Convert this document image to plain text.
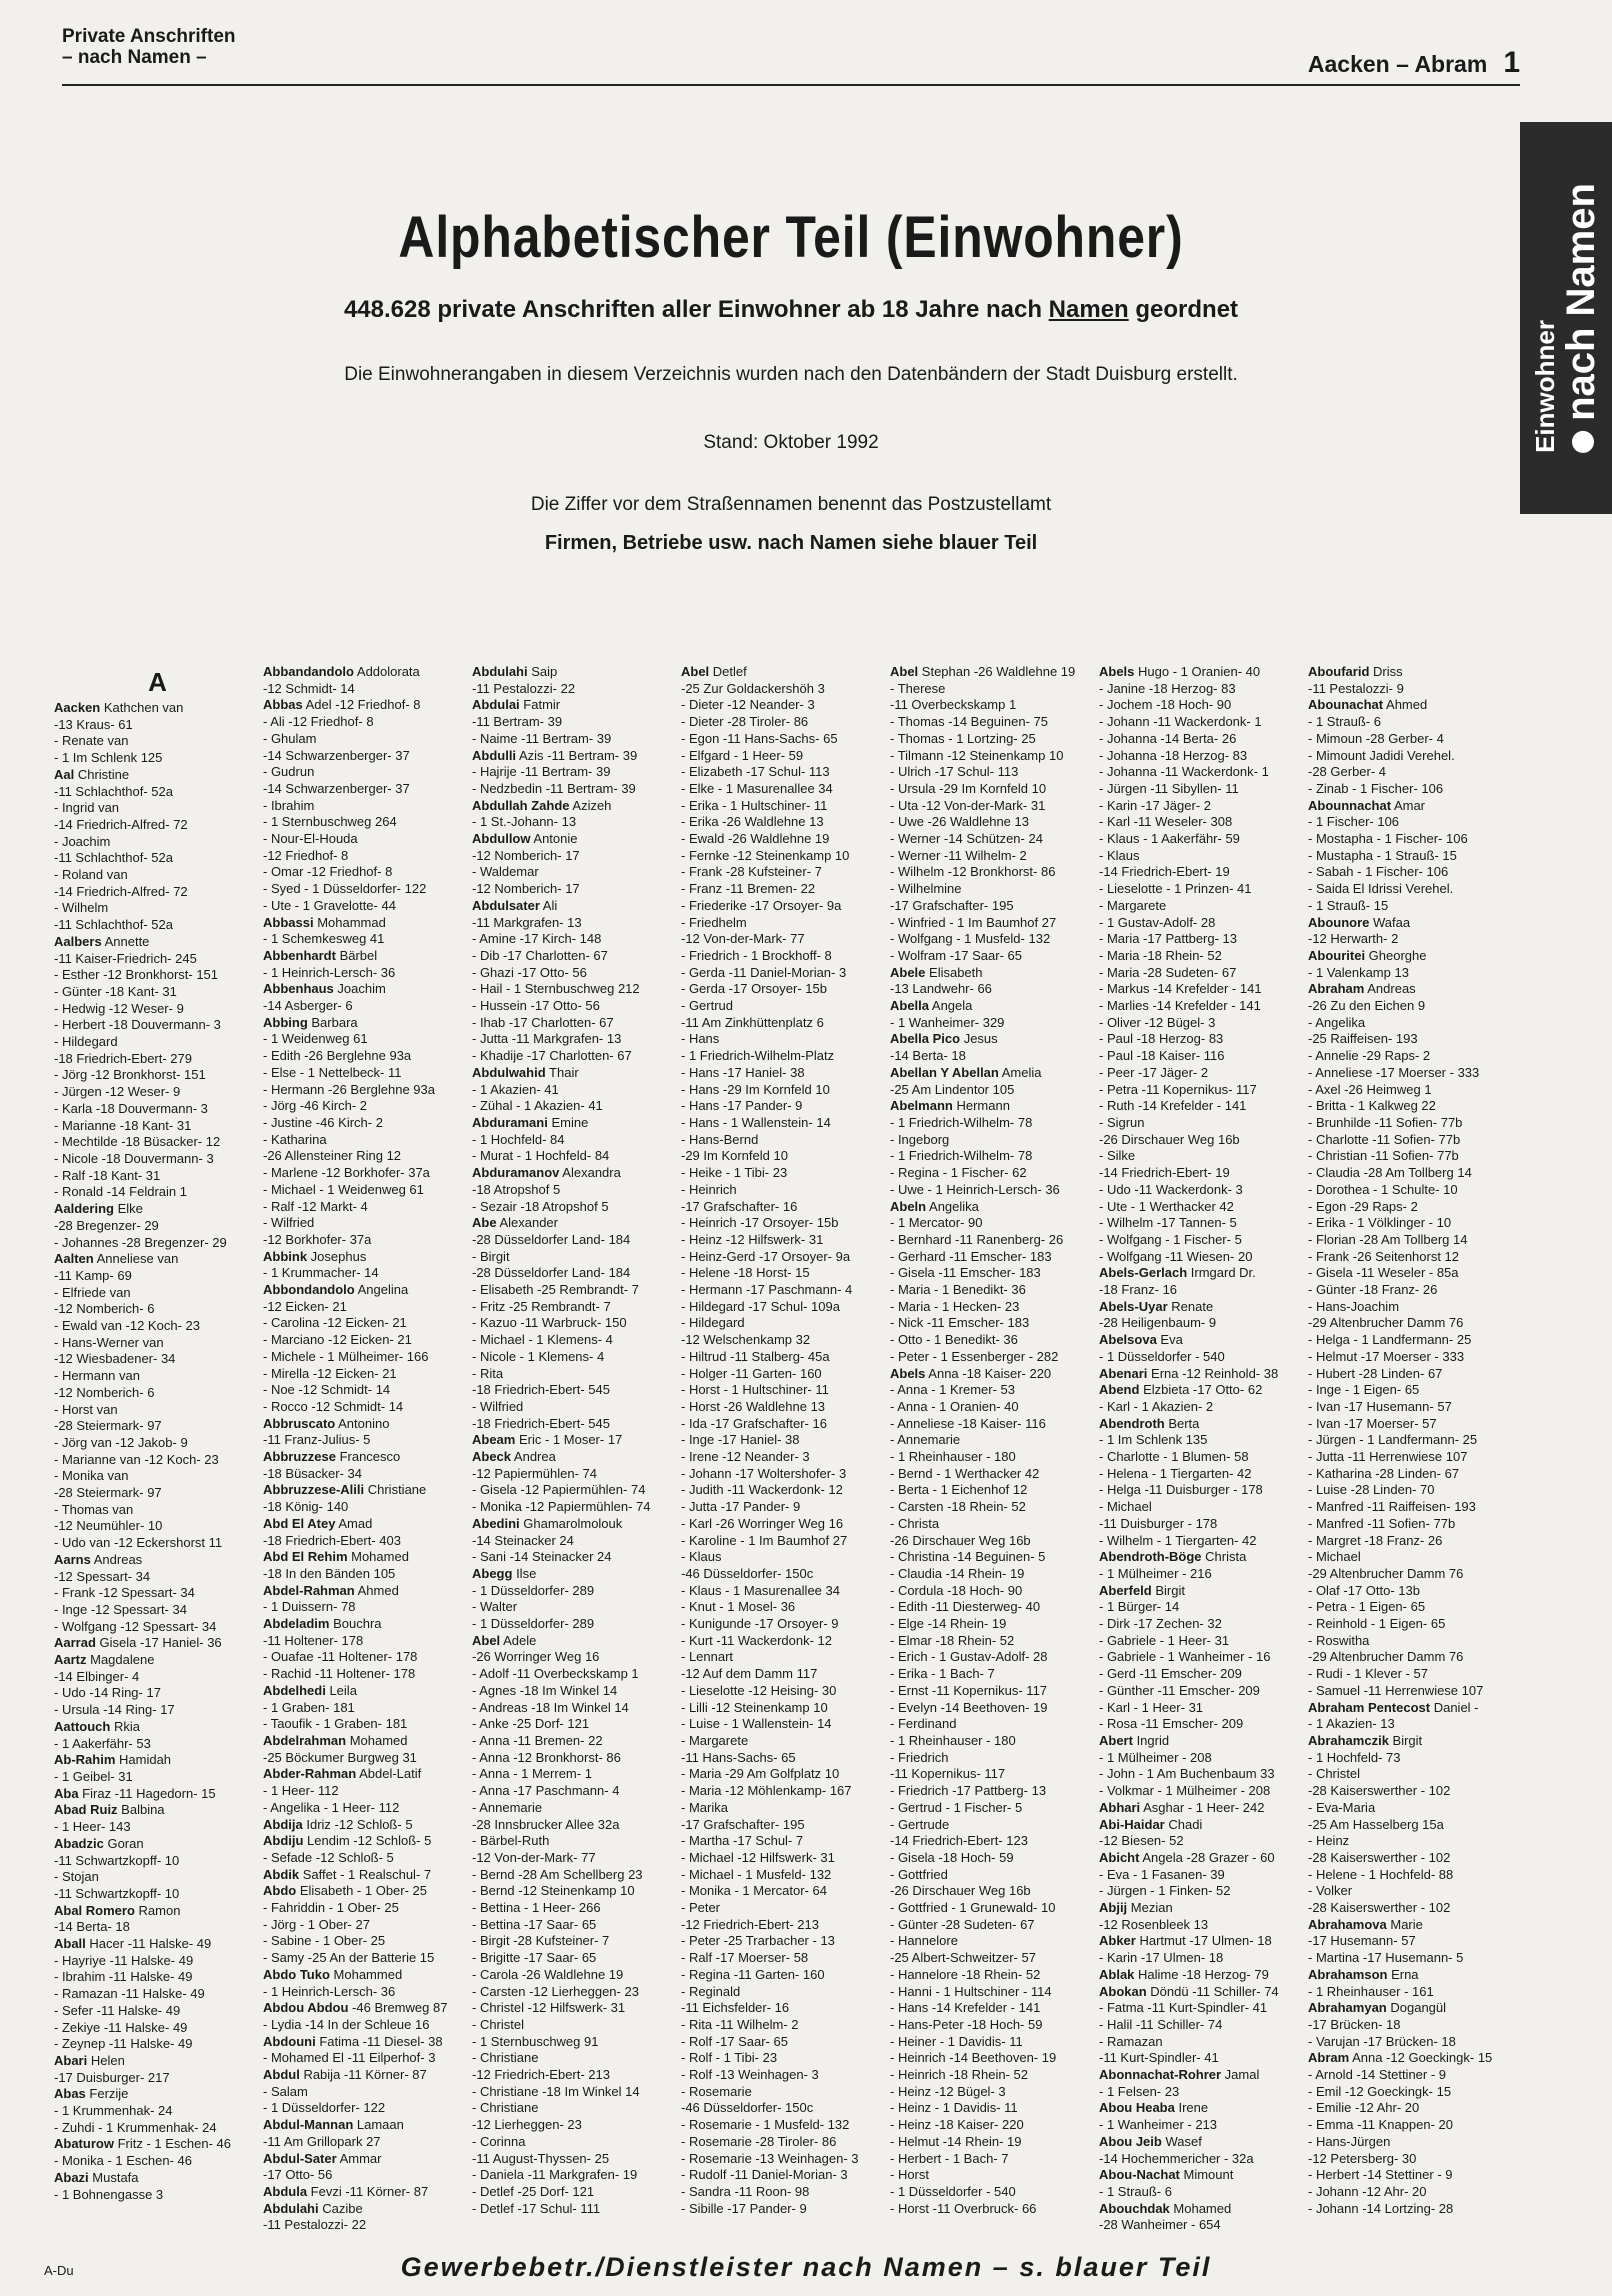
Private Anschriften
– nach Namen –	Aacken – Abram 1
Einwohner nach Namen
Alphabetischer Teil (Einwohner)
448.628 private Anschriften aller Einwohner ab 18 Jahre nach Namen geordnet
Die Einwohnerangaben in diesem Verzeichnis wurden nach den Datenbändern der Stadt Duisburg erstellt.
Stand: Oktober 1992
Die Ziffer vor dem Straßennamen benennt das Postzustellamt
Firmen, Betriebe usw. nach Namen siehe blauer Teil
A
Aacken Kathchen van
-13 Kraus- 61
- Renate van
- 1 Im Schlenk 125
Aal Christine
-11 Schlachthof- 52a
- Ingrid van
-14 Friedrich-Alfred- 72
- Joachim
-11 Schlachthof- 52a
- Roland van
-14 Friedrich-Alfred- 72
- Wilhelm
-11 Schlachthof- 52a
Aalbers Annette
-11 Kaiser-Friedrich- 245
- Esther -12 Bronkhorst- 151
- Günter -18 Kant- 31
- Hedwig -12 Weser- 9
- Herbert -18 Douvermann- 3
- Hildegard
-18 Friedrich-Ebert- 279
- Jörg -12 Bronkhorst- 151
- Jürgen -12 Weser- 9
- Karla -18 Douvermann- 3
- Marianne -18 Kant- 31
- Mechtilde -18 Büsacker- 12
- Nicole -18 Douvermann- 3
- Ralf -18 Kant- 31
- Ronald -14 Feldrain 1
Aaldering Elke
-28 Bregenzer- 29
- Johannes -28 Bregenzer- 29
Aalten Anneliese van
-11 Kamp- 69
- Elfriede van
-12 Nomberich- 6
- Ewald van -12 Koch- 23
- Hans-Werner van
-12 Wiesbadener- 34
- Hermann van
-12 Nomberich- 6
- Horst van
-28 Steiermark- 97
- Jörg van -12 Jakob- 9
- Marianne van -12 Koch- 23
- Monika van
-28 Steiermark- 97
- Thomas van
-12 Neumühler- 10
- Udo van -12 Eckershorst 11
Aarns Andreas
-12 Spessart- 34
- Frank -12 Spessart- 34
- Inge -12 Spessart- 34
- Wolfgang -12 Spessart- 34
Aarrad Gisela -17 Haniel- 36
Aartz Magdalene
-14 Elbinger- 4
- Udo -14 Ring- 17
- Ursula -14 Ring- 17
Aattouch Rkia
- 1 Aakerfähr- 53
Ab-Rahim Hamidah
- 1 Geibel- 31
Aba Firaz -11 Hagedorn- 15
Abad Ruiz Balbina
- 1 Heer- 143
Abadzic Goran
-11 Schwartzkopff- 10
- Stojan
-11 Schwartzkopff- 10
Abal Romero Ramon
-14 Berta- 18
Aball Hacer -11 Halske- 49
- Hayriye -11 Halske- 49
- Ibrahim -11 Halske- 49
- Ramazan -11 Halske- 49
- Sefer -11 Halske- 49
- Zekiye -11 Halske- 49
- Zeynep -11 Halske- 49
Abari Helen
-17 Duisburger- 217
Abas Ferzije
- 1 Krummenhak- 24
- Zuhdi - 1 Krummenhak- 24
Abaturow Fritz - 1 Eschen- 46
- Monika - 1 Eschen- 46
Abazi Mustafa
- 1 Bohnengasse 3
Abbandandolo Addolorata
-12 Schmidt- 14
Abbas Adel -12 Friedhof- 8
- Ali -12 Friedhof- 8
- Ghulam
-14 Schwarzenberger- 37
- Gudrun
-14 Schwarzenberger- 37
- Ibrahim
- 1 Sternbuschweg 264
- Nour-El-Houda
-12 Friedhof- 8
- Omar -12 Friedhof- 8
- Syed - 1 Düsseldorfer- 122
- Ute - 1 Gravelotte- 44
Abbassi Mohammad
- 1 Schemkesweg 41
Abbenhardt Bärbel
- 1 Heinrich-Lersch- 36
Abbenhaus Joachim
-14 Asberger- 6
Abbing Barbara
- 1 Weidenweg 61
- Edith -26 Berglehne 93a
- Else - 1 Nettelbeck- 11
- Hermann -26 Berglehne 93a
- Jörg -46 Kirch- 2
- Justine -46 Kirch- 2
- Katharina
-26 Allensteiner Ring 12
- Marlene -12 Borkhofer- 37a
- Michael - 1 Weidenweg 61
- Ralf -12 Markt- 4
- Wilfried
-12 Borkhofer- 37a
Abbink Josephus
- 1 Krummacher- 14
Abbondandolo Angelina
-12 Eicken- 21
- Carolina -12 Eicken- 21
- Marciano -12 Eicken- 21
- Michele - 1 Mülheimer- 166
- Mirella -12 Eicken- 21
- Noe -12 Schmidt- 14
- Rocco -12 Schmidt- 14
Abbruscato Antonino
-11 Franz-Julius- 5
Abbruzzese Francesco
-18 Büsacker- 34
Abbruzzese-Alili Christiane
-18 König- 140
Abd El Atey Amad
-18 Friedrich-Ebert- 403
Abd El Rehim Mohamed
-18 In den Bänden 105
Abdel-Rahman Ahmed
- 1 Duissern- 78
Abdeladim Bouchra
-11 Holtener- 178
- Ouafae -11 Holtener- 178
- Rachid -11 Holtener- 178
Abdelhedi Leila
- 1 Graben- 181
- Taoufik - 1 Graben- 181
Abdelrahman Mohamed
-25 Böckumer Burgweg 31
Abder-Rahman Abdel-Latif
- 1 Heer- 112
- Angelika - 1 Heer- 112
Abdija Idriz -12 Schloß- 5
Abdiju Lendim -12 Schloß- 5
- Sefade -12 Schloß- 5
Abdik Saffet - 1 Realschul- 7
Abdo Elisabeth - 1 Ober- 25
- Fahriddin - 1 Ober- 25
- Jörg - 1 Ober- 27
- Sabine - 1 Ober- 25
- Samy -25 An der Batterie 15
Abdo Tuko Mohammed
- 1 Heinrich-Lersch- 36
Abdou Abdou -46 Bremweg 87
- Lydia -14 In der Schleue 16
Abdouni Fatima -11 Diesel- 38
- Mohamed El -11 Eilperhof- 3
Abdul Rabija -11 Körner- 87
- Salam
- 1 Düsseldorfer- 122
Abdul-Mannan Lamaan
-11 Am Grillopark 27
Abdul-Sater Ammar
-17 Otto- 56
Abdula Fevzi -11 Körner- 87
Abdulahi Cazibe
-11 Pestalozzi- 22
Abdulahi Saip
-11 Pestalozzi- 22
Abdulai Fatmir
-11 Bertram- 39
- Naime -11 Bertram- 39
Abdulli Azis -11 Bertram- 39
- Hajrije -11 Bertram- 39
- Nedzbedin -11 Bertram- 39
Abdullah Zahde Azizeh
- 1 St.-Johann- 13
Abdullow Antonie
-12 Nomberich- 17
- Waldemar
-12 Nomberich- 17
Abdulsater Ali
-11 Markgrafen- 13
- Amine -17 Kirch- 148
- Dib -17 Charlotten- 67
- Ghazi -17 Otto- 56
- Hail - 1 Sternbuschweg 212
- Hussein -17 Otto- 56
- Ihab -17 Charlotten- 67
- Jutta -11 Markgrafen- 13
- Khadije -17 Charlotten- 67
Abdulwahid Thair
- 1 Akazien- 41
- Zühal - 1 Akazien- 41
Abduramani Emine
- 1 Hochfeld- 84
- Murat - 1 Hochfeld- 84
Abduramanov Alexandra
-18 Atropshof 5
- Sezair -18 Atropshof 5
Abe Alexander
-28 Düsseldorfer Land- 184
- Birgit
-28 Düsseldorfer Land- 184
- Elisabeth -25 Rembrandt- 7
- Fritz -25 Rembrandt- 7
- Kazuo -11 Warbruck- 150
- Michael - 1 Klemens- 4
- Nicole - 1 Klemens- 4
- Rita
-18 Friedrich-Ebert- 545
- Wilfried
-18 Friedrich-Ebert- 545
Abeam Eric - 1 Moser- 17
Abeck Andrea
-12 Papiermühlen- 74
- Gisela -12 Papiermühlen- 74
- Monika -12 Papiermühlen- 74
Abedini Ghamarolmolouk
-14 Steinacker 24
- Sani -14 Steinacker 24
Abegg Ilse
- 1 Düsseldorfer- 289
- Walter
- 1 Düsseldorfer- 289
Abel Adele
-26 Worringer Weg 16
- Adolf -11 Overbeckskamp 1
- Agnes -18 Im Winkel 14
- Andreas -18 Im Winkel 14
- Anke -25 Dorf- 121
- Anna -11 Bremen- 22
- Anna -12 Bronkhorst- 86
- Anna - 1 Merrem- 1
- Anna -17 Paschmann- 4
- Annemarie
-28 Innsbrucker Allee 32a
- Bärbel-Ruth
-12 Von-der-Mark- 77
- Bernd -28 Am Schellberg 23
- Bernd -12 Steinenkamp 10
- Bettina - 1 Heer- 266
- Bettina -17 Saar- 65
- Birgit -28 Kufsteiner- 7
- Brigitte -17 Saar- 65
- Carola -26 Waldlehne 19
- Carsten -12 Lierheggen- 23
- Christel -12 Hilfswerk- 31
- Christel
- 1 Sternbuschweg 91
- Christiane
-12 Friedrich-Ebert- 213
- Christiane -18 Im Winkel 14
- Christiane
-12 Lierheggen- 23
- Corinna
-11 August-Thyssen- 25
- Daniela -11 Markgrafen- 19
- Detlef -25 Dorf- 121
- Detlef -17 Schul- 111
Abel Detlef
-25 Zur Goldackershöh 3
- Dieter -12 Neander- 3
- Dieter -28 Tiroler- 86
- Egon -11 Hans-Sachs- 65
- Elfgard - 1 Heer- 59
- Elizabeth -17 Schul- 113
- Elke - 1 Masurenallee 34
- Erika - 1 Hultschiner- 11
- Erika -26 Waldlehne 13
- Ewald -26 Waldlehne 19
- Fernke -12 Steinenkamp 10
- Frank -28 Kufsteiner- 7
- Franz -11 Bremen- 22
- Friederike -17 Orsoyer- 9a
- Friedhelm
-12 Von-der-Mark- 77
- Friedrich - 1 Brockhoff- 8
- Gerda -11 Daniel-Morian- 3
- Gerda -17 Orsoyer- 15b
- Gertrud
-11 Am Zinkhüttenplatz 6
- Hans
- 1 Friedrich-Wilhelm-Platz
- Hans -17 Haniel- 38
- Hans -29 Im Kornfeld 10
- Hans -17 Pander- 9
- Hans - 1 Wallenstein- 14
- Hans-Bernd
-29 Im Kornfeld 10
- Heike - 1 Tibi- 23
- Heinrich
-17 Grafschafter- 16
- Heinrich -17 Orsoyer- 15b
- Heinz -12 Hilfswerk- 31
- Heinz-Gerd -17 Orsoyer- 9a
- Helene -18 Horst- 15
- Hermann -17 Paschmann- 4
- Hildegard -17 Schul- 109a
- Hildegard
-12 Welschenkamp 32
- Hiltrud -11 Stalberg- 45a
- Holger -11 Garten- 160
- Horst - 1 Hultschiner- 11
- Horst -26 Waldlehne 13
- Ida -17 Grafschafter- 16
- Inge -17 Haniel- 38
- Irene -12 Neander- 3
- Johann -17 Woltershofer- 3
- Judith -11 Wackerdonk- 12
- Jutta -17 Pander- 9
- Karl -26 Worringer Weg 16
- Karoline - 1 Im Baumhof 27
- Klaus
-46 Düsseldorfer- 150c
- Klaus - 1 Masurenallee 34
- Knut - 1 Mosel- 36
- Kunigunde -17 Orsoyer- 9
- Kurt -11 Wackerdonk- 12
- Lennart
-12 Auf dem Damm 117
- Lieselotte -12 Heising- 30
- Lilli -12 Steinenkamp 10
- Luise - 1 Wallenstein- 14
- Margarete
-11 Hans-Sachs- 65
- Maria -29 Am Golfplatz 10
- Maria -12 Möhlenkamp- 167
- Marika
-17 Grafschafter- 195
- Martha -17 Schul- 7
- Michael -12 Hilfswerk- 31
- Michael - 1 Musfeld- 132
- Monika - 1 Mercator- 64
- Peter
-12 Friedrich-Ebert- 213
- Peter -25 Trarbacher - 13
- Ralf -17 Moerser- 58
- Regina -11 Garten- 160
- Reginald
-11 Eichsfelder- 16
- Rita -11 Wilhelm- 2
- Rolf -17 Saar- 65
- Rolf - 1 Tibi- 23
- Rolf -13 Weinhagen- 3
- Rosemarie
-46 Düsseldorfer- 150c
- Rosemarie - 1 Musfeld- 132
- Rosemarie -28 Tiroler- 86
- Rosemarie -13 Weinhagen- 3
- Rudolf -11 Daniel-Morian- 3
- Sandra -11 Roon- 98
- Sibille -17 Pander- 9
Abel Stephan -26 Waldlehne 19
- Therese
-11 Overbeckskamp 1
- Thomas -14 Beguinen- 75
- Thomas - 1 Lortzing- 25
- Tilmann -12 Steinenkamp 10
- Ulrich -17 Schul- 113
- Ursula -29 Im Kornfeld 10
- Uta -12 Von-der-Mark- 31
- Uwe -26 Waldlehne 13
- Werner -14 Schützen- 24
- Werner -11 Wilhelm- 2
- Wilhelm -12 Bronkhorst- 86
- Wilhelmine
-17 Grafschafter- 195
- Winfried - 1 Im Baumhof 27
- Wolfgang - 1 Musfeld- 132
- Wolfram -17 Saar- 65
Abele Elisabeth
-13 Landwehr- 66
Abella Angela
- 1 Wanheimer- 329
Abella Pico Jesus
-14 Berta- 18
Abellan Y Abellan Amelia
-25 Am Lindentor 105
Abelmann Hermann
- 1 Friedrich-Wilhelm- 78
- Ingeborg
- 1 Friedrich-Wilhelm- 78
- Regina - 1 Fischer- 62
- Uwe - 1 Heinrich-Lersch- 36
Abeln Angelika
- 1 Mercator- 90
- Bernhard -11 Ranenberg- 26
- Gerhard -11 Emscher- 183
- Gisela -11 Emscher- 183
- Maria - 1 Benedikt- 36
- Maria - 1 Hecken- 23
- Nick -11 Emscher- 183
- Otto - 1 Benedikt- 36
- Peter - 1 Essenberger - 282
Abels Anna -18 Kaiser- 220
- Anna - 1 Kremer- 53
- Anna - 1 Oranien- 40
- Anneliese -18 Kaiser- 116
- Annemarie
- 1 Rheinhauser - 180
- Bernd - 1 Werthacker 42
- Berta - 1 Eichenhof 12
- Carsten -18 Rhein- 52
- Christa
-26 Dirschauer Weg 16b
- Christina -14 Beguinen- 5
- Claudia -14 Rhein- 19
- Cordula -18 Hoch- 90
- Edith -11 Diesterweg- 40
- Elge -14 Rhein- 19
- Elmar -18 Rhein- 52
- Erich - 1 Gustav-Adolf- 28
- Erika - 1 Bach- 7
- Ernst -11 Kopernikus- 117
- Evelyn -14 Beethoven- 19
- Ferdinand
- 1 Rheinhauser - 180
- Friedrich
-11 Kopernikus- 117
- Friedrich -17 Pattberg- 13
- Gertrud - 1 Fischer- 5
- Gertrude
-14 Friedrich-Ebert- 123
- Gisela -18 Hoch- 59
- Gottfried
-26 Dirschauer Weg 16b
- Gottfried - 1 Grunewald- 10
- Günter -28 Sudeten- 67
- Hannelore
-25 Albert-Schweitzer- 57
- Hannelore -18 Rhein- 52
- Hanni - 1 Hultschiner - 114
- Hans -14 Krefelder - 141
- Hans-Peter -18 Hoch- 59
- Heiner - 1 Davidis- 11
- Heinrich -14 Beethoven- 19
- Heinrich -18 Rhein- 52
- Heinz -12 Bügel- 3
- Heinz - 1 Davidis- 11
- Heinz -18 Kaiser- 220
- Helmut -14 Rhein- 19
- Herbert - 1 Bach- 7
- Horst
- 1 Düsseldorfer - 540
- Horst -11 Overbruck- 66
Abels Hugo - 1 Oranien- 40
- Janine -18 Herzog- 83
- Jochem -18 Hoch- 90
- Johann -11 Wackerdonk- 1
- Johanna -14 Berta- 26
- Johanna -18 Herzog- 83
- Johanna -11 Wackerdonk- 1
- Jürgen -11 Sibyllen- 11
- Karin -17 Jäger- 2
- Karl -11 Weseler- 308
- Klaus - 1 Aakerfähr- 59
- Klaus
-14 Friedrich-Ebert- 19
- Lieselotte - 1 Prinzen- 41
- Margarete
- 1 Gustav-Adolf- 28
- Maria -17 Pattberg- 13
- Maria -18 Rhein- 52
- Maria -28 Sudeten- 67
- Markus -14 Krefelder - 141
- Marlies -14 Krefelder - 141
- Oliver -12 Bügel- 3
- Paul -18 Herzog- 83
- Paul -18 Kaiser- 116
- Peer -17 Jäger- 2
- Petra -11 Kopernikus- 117
- Ruth -14 Krefelder - 141
- Sigrun
-26 Dirschauer Weg 16b
- Silke
-14 Friedrich-Ebert- 19
- Udo -11 Wackerdonk- 3
- Ute - 1 Werthacker 42
- Wilhelm -17 Tannen- 5
- Wolfgang - 1 Fischer- 5
- Wolfgang -11 Wiesen- 20
Abels-Gerlach Irmgard Dr.
-18 Franz- 16
Abels-Uyar Renate
-28 Heiligenbaum- 9
Abelsova Eva
- 1 Düsseldorfer - 540
Abenari Erna -12 Reinhold- 38
Abend Elzbieta -17 Otto- 62
- Karl - 1 Akazien- 2
Abendroth Berta
- 1 Im Schlenk 135
- Charlotte - 1 Blumen- 58
- Helena - 1 Tiergarten- 42
- Helga -11 Duisburger - 178
- Michael
-11 Duisburger - 178
- Wilhelm - 1 Tiergarten- 42
Abendroth-Böge Christa
- 1 Mülheimer - 216
Aberfeld Birgit
- 1 Bürger- 14
- Dirk -17 Zechen- 32
- Gabriele - 1 Heer- 31
- Gabriele - 1 Wanheimer - 16
- Gerd -11 Emscher- 209
- Günther -11 Emscher- 209
- Karl - 1 Heer- 31
- Rosa -11 Emscher- 209
Abert Ingrid
- 1 Mülheimer - 208
- John - 1 Am Buchenbaum 33
- Volkmar - 1 Mülheimer - 208
Abhari Asghar - 1 Heer- 242
Abi-Haidar Chadi
-12 Biesen- 52
Abicht Angela -28 Grazer - 60
- Eva - 1 Fasanen- 39
- Jürgen - 1 Finken- 52
Abjij Mezian
-12 Rosenbleek 13
Abker Hartmut -17 Ulmen- 18
- Karin -17 Ulmen- 18
Ablak Halime -18 Herzog- 79
Abokan Döndü -11 Schiller- 74
- Fatma -11 Kurt-Spindler- 41
- Halil -11 Schiller- 74
- Ramazan
-11 Kurt-Spindler- 41
Abonnachat-Rohrer Jamal
- 1 Felsen- 23
Abou Heaba Irene
- 1 Wanheimer - 213
Abou Jeib Wasef
-14 Hochemmericher - 32a
Abou-Nachat Mimount
- 1 Strauß- 6
Abouchdak Mohamed
-28 Wanheimer - 654
Aboufarid Driss
-11 Pestalozzi- 9
Abounachat Ahmed
- 1 Strauß- 6
- Mimoun -28 Gerber- 4
- Mimount Jadidi Verehel.
-28 Gerber- 4
- Zinab - 1 Fischer- 106
Abounnachat Amar
- 1 Fischer- 106
- Mostapha - 1 Fischer- 106
- Mustapha - 1 Strauß- 15
- Sabah - 1 Fischer- 106
- Saida El Idrissi Verehel.
- 1 Strauß- 15
Abounore Wafaa
-12 Herwarth- 2
Abouritei Gheorghe
- 1 Valenkamp 13
Abraham Andreas
-26 Zu den Eichen 9
- Angelika
-25 Raiffeisen- 193
- Annelie -29 Raps- 2
- Anneliese -17 Moerser - 333
- Axel -26 Heimweg 1
- Britta - 1 Kalkweg 22
- Brunhilde -11 Sofien- 77b
- Charlotte -11 Sofien- 77b
- Christian -11 Sofien- 77b
- Claudia -28 Am Tollberg 14
- Dorothea - 1 Schulte- 10
- Egon -29 Raps- 2
- Erika - 1 Völklinger - 10
- Florian -28 Am Tollberg 14
- Frank -26 Seitenhorst 12
- Gisela -11 Weseler - 85a
- Günter -18 Franz- 26
- Hans-Joachim
-29 Altenbrucher Damm 76
- Helga - 1 Landfermann- 25
- Helmut -17 Moerser - 333
- Hubert -28 Linden- 67
- Inge - 1 Eigen- 65
- Ivan -17 Husemann- 57
- Ivan -17 Moerser- 57
- Jürgen - 1 Landfermann- 25
- Jutta -11 Herrenwiese 107
- Katharina -28 Linden- 67
- Luise -28 Linden- 70
- Manfred -11 Raiffeisen- 193
- Manfred -11 Sofien- 77b
- Margret -18 Franz- 26
- Michael
-29 Altenbrucher Damm 76
- Olaf -17 Otto- 13b
- Petra - 1 Eigen- 65
- Reinhold - 1 Eigen- 65
- Roswitha
-29 Altenbrucher Damm 76
- Rudi - 1 Klever - 57
- Samuel -11 Herrenwiese 107
Abraham Pentecost Daniel -
- 1 Akazien- 13
Abrahamczik Birgit
- 1 Hochfeld- 73
- Christel
-28 Kaiserswerther - 102
- Eva-Maria
-25 Am Hasselberg 15a
- Heinz
-28 Kaiserswerther - 102
- Helene - 1 Hochfeld- 88
- Volker
-28 Kaiserswerther - 102
Abrahamova Marie
-17 Husemann- 57
- Martina -17 Husemann- 5
Abrahamson Erna
- 1 Rheinhauser - 161
Abrahamyan Dogangül
-17 Brücken- 18
- Varujan -17 Brücken- 18
Abram Anna -12 Goeckingk- 15
- Arnold -14 Stettiner - 9
- Emil -12 Goeckingk- 15
- Emilie -12 Ahr- 20
- Emma -11 Knappen- 20
- Hans-Jürgen
-12 Petersberg- 30
- Herbert -14 Stettiner - 9
- Johann -12 Ahr- 20
- Johann -14 Lortzing- 28
Gewerbebetr./Dienstleister nach Namen – s. blauer Teil
A-Du
